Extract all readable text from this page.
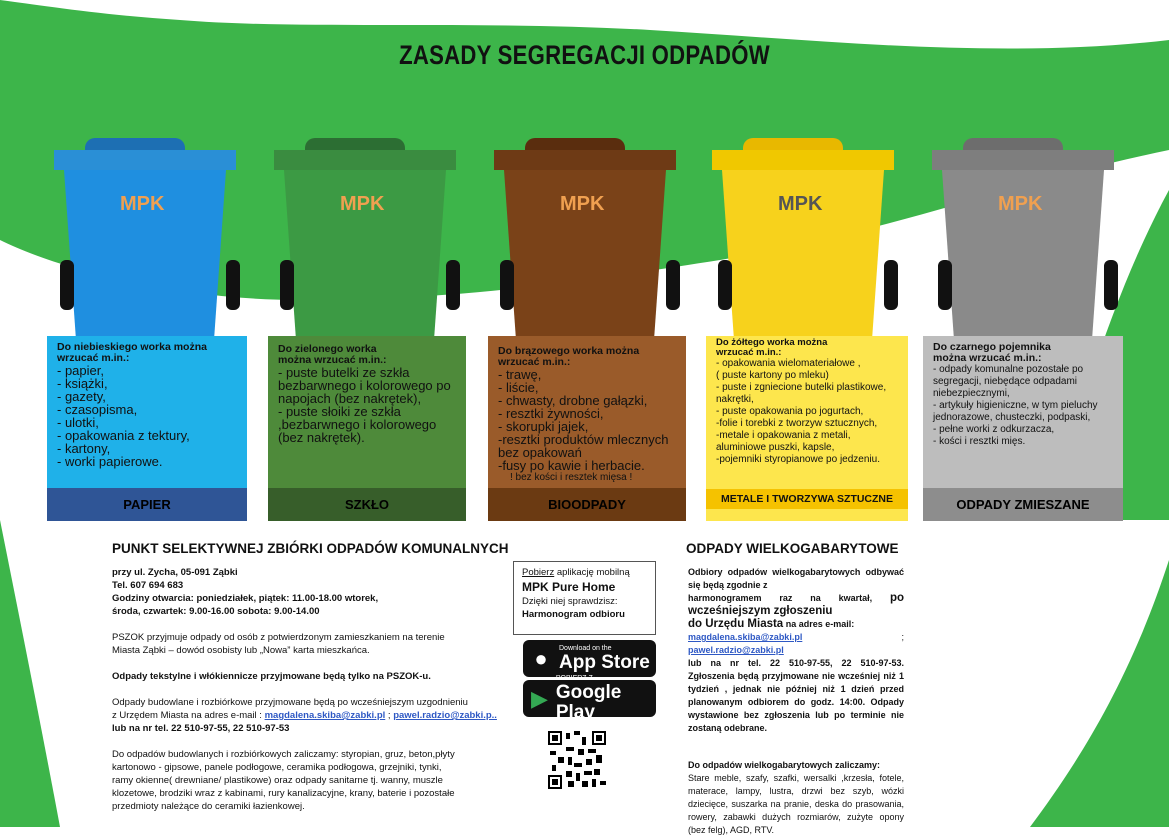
ZASADY SEGREGACJI ODPADÓW
MPK	MPK	MPK	MPK	MPK
Do niebieskiego worka można wrzucać m.in.:
- papier,
- książki,
- gazety,
- czasopisma,
- ulotki,
- opakowania z tektury,
- kartony,
- worki papierowe.
PAPIER
Do zielonego worka można wrzucać m.in.:
- puste butelki ze szkła bezbarwnego i kolorowego po napojach (bez nakrętek),
- puste słoiki ze szkła ,bezbarwnego i kolorowego (bez nakrętek).
SZKŁO
Do brązowego worka można wrzucać m.in.:
- trawę,
- liście,
- chwasty, drobne gałązki,
- resztki żywności,
- skorupki jajek,
-resztki produktów mlecznych bez opakowań
-fusy po kawie i herbacie.
! bez kości i resztek mięsa !
BIOODPADY
Do żółtego worka można wrzucać m.in.:
- opakowania wielomateriałowe ,
( puste kartony po mleku)
- puste i zgniecione butelki plastikowe, nakrętki,
- puste opakowania po jogurtach,
-folie i torebki z tworzyw sztucznych,
-metale i opakowania z metali, aluminiowe puszki, kapsle,
-pojemniki styropianowe po jedzeniu.
METALE I TWORZYWA SZTUCZNE
Do czarnego pojemnika można wrzucać m.in.:
- odpady komunalne pozostałe po segregacji, niebędące odpadami niebezpiecznymi,
- artykuły higieniczne, w tym pieluchy jednorazowe, chusteczki, podpaski,
- pełne worki z odkurzacza,
- kości i resztki mięs.
ODPADY ZMIESZANE
PUNKT SELEKTYWNEJ ZBIÓRKI ODPADÓW KOMUNALNYCH
przy ul. Zycha, 05-091 Ząbki
Tel. 607 694 683
Godziny otwarcia: poniedziałek, piątek: 11.00-18.00 wtorek,
środa, czwartek: 9.00-16.00 sobota: 9.00-14.00
PSZOK przyjmuje odpady od osób z potwierdzonym zamieszkaniem na terenie
Miasta Ząbki – dowód osobisty lub „Nowa” karta mieszkańca.
Odpady tekstylne i włókiennicze przyjmowane będą tylko na PSZOK-u.
Odpady budowlane i rozbiórkowe przyjmowane będą po wcześniejszym uzgodnieniu
z Urzędem Miasta na adres e-mail : magdalena.skiba@zabki.pl ; pawel.radzio@zabki.p..
lub na nr tel. 22 510-97-55, 22 510-97-53
Do odpadów budowlanych i rozbiórkowych zaliczamy: styropian, gruz, beton,płyty
kartonowo - gipsowe, panele podłogowe, ceramika podłogowa, grzejniki, tynki,
ramy okienne( drewniane/ plastikowe) oraz odpady sanitarne tj. wanny, muszle
klozetowe, brodziki wraz z kabinami, rury kanalizacyjne, krany, baterie i pozostałe
przedmioty należące do ceramiki łazienkowej.
Pobierz aplikację mobilną
MPK Pure Home
Dzięki niej sprawdzisz:
Harmonogram odbioru
●	Download on the
App Store
▶
POBIERZ Z
Google Play
ODPADY WIELKOGABARYTOWE
Odbiory odpadów wielkogabarytowych odbywać się będą zgodnie z
harmonogramem raz na kwartał, po wcześniejszym zgłoszeniu
do Urzędu Miasta na adres e-mail:
magdalena.skiba@zabki.pl ; pawel.radzio@zabki.pl
lub na nr tel. 22 510-97-55, 22 510-97-53. Zgłoszenia będą przyjmowane nie wcześniej niż 1 tydzień , jednak nie później niż 1 dzień przed planowanym odbiorem do godz. 14:00. Odpady wystawione bez zgłoszenia lub po terminie nie zostaną odebrane.
Do odpadów wielkogabarytowych zaliczamy:
Stare meble, szafy, szafki, wersalki ,krzesła, fotele, materace, lampy, lustra, drzwi bez szyb, wózki dziecięce, suszarka na pranie, deska do prasowania, rowery, zabawki dużych rozmiarów, zużyte opony (bez felg), AGD, RTV.
